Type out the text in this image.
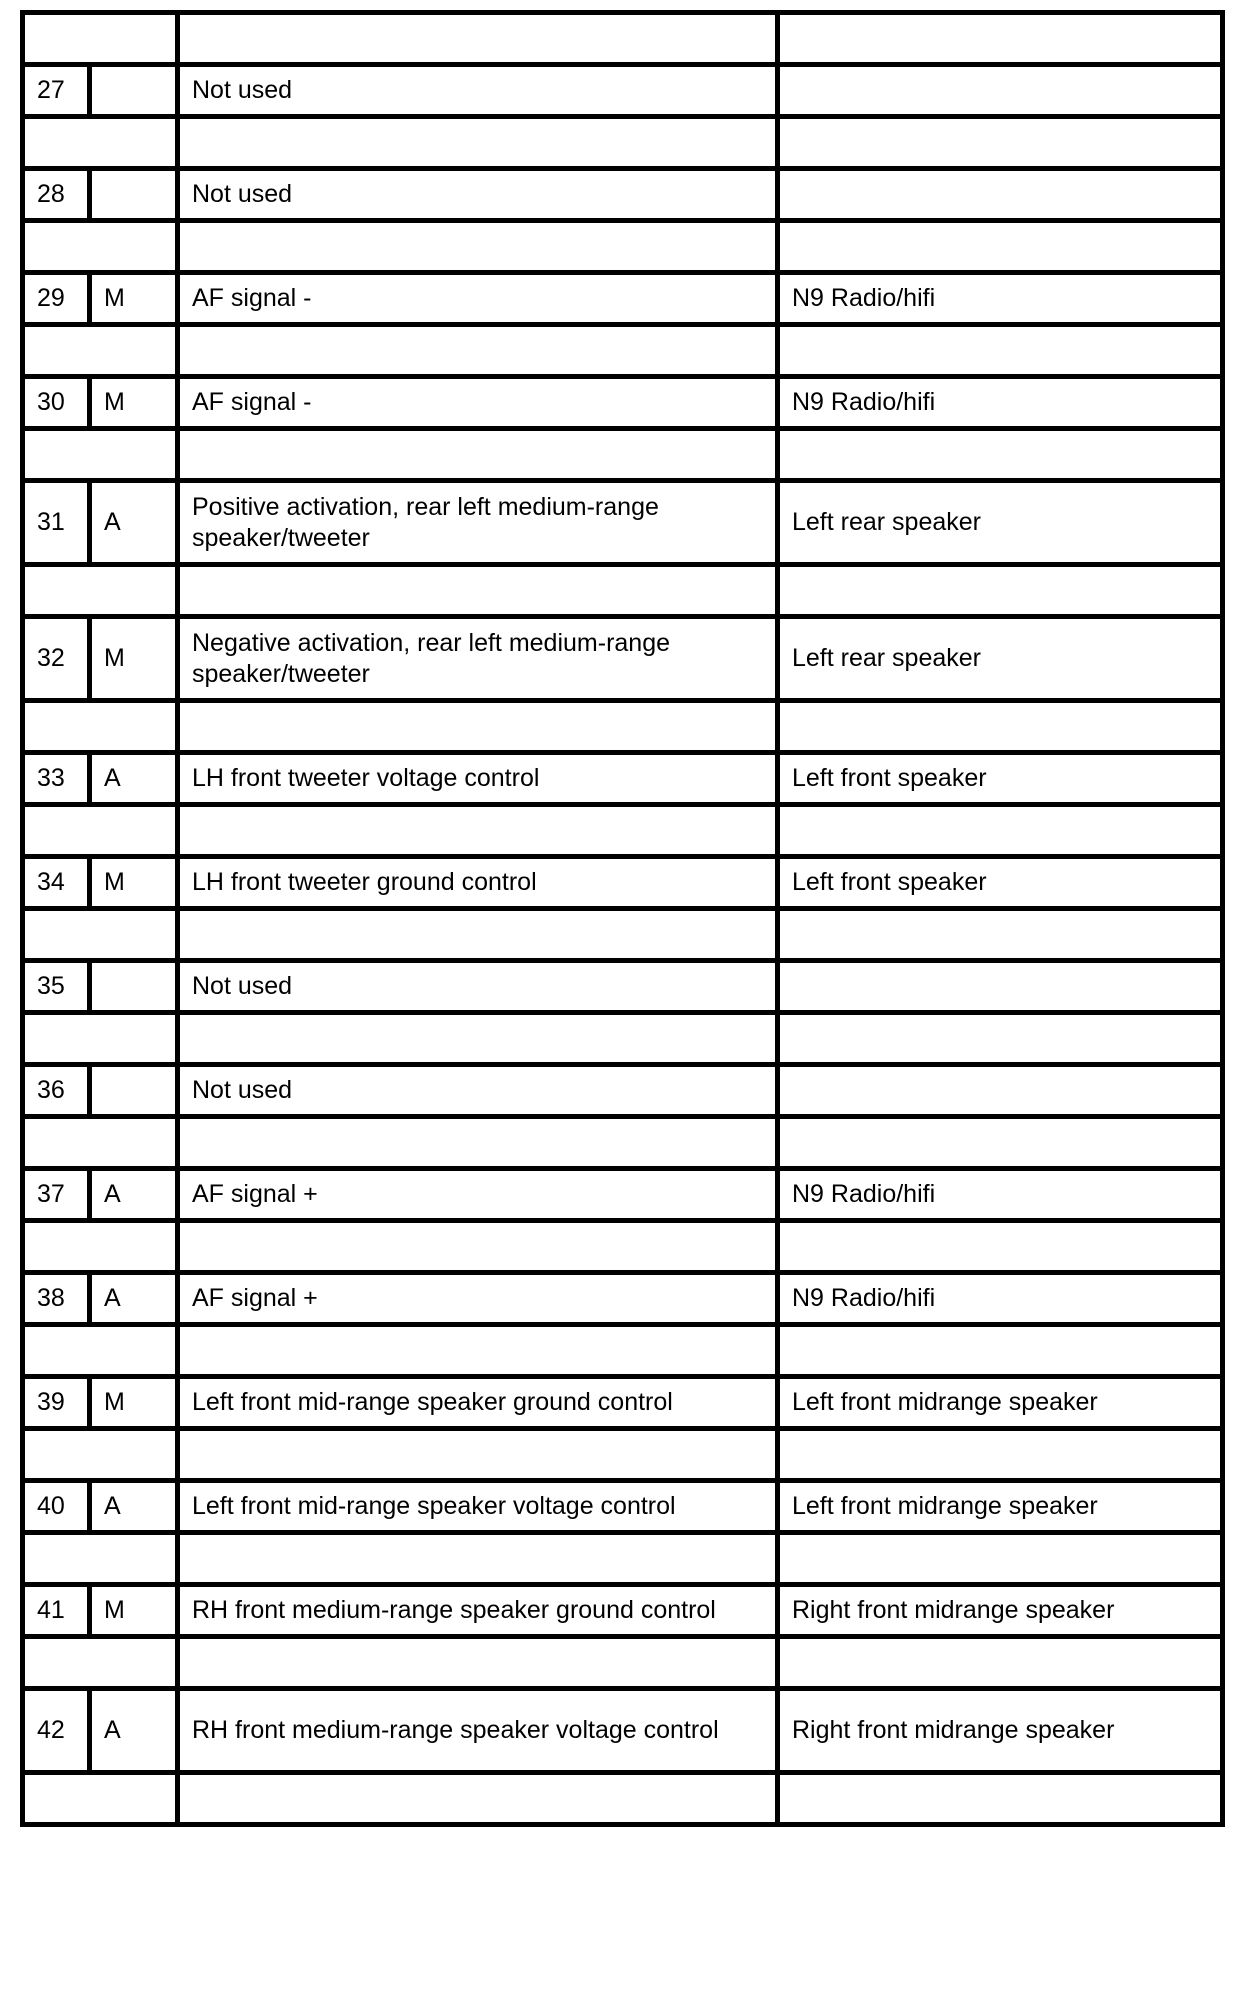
27		Not used	

28		Not used	

29	M	AF signal -	N9 Radio/hifi

30	M	AF signal -	N9 Radio/hifi

31	A	Positive activation, rear left medium-range speaker/tweeter	Left rear speaker

32	M	Negative activation, rear left medium-range speaker/tweeter	Left rear speaker

33	A	LH front tweeter voltage control	Left front speaker

34	M	LH front tweeter ground control	Left front speaker

35		Not used	

36		Not used	

37	A	AF signal +	N9 Radio/hifi

38	A	AF signal +	N9 Radio/hifi

39	M	Left front mid-range speaker ground control	Left front midrange speaker

40	A	Left front mid-range speaker voltage control	Left front midrange speaker

41	M	RH front medium-range speaker ground control	Right front midrange speaker

42	A	RH front medium-range speaker voltage control	Right front midrange speaker
